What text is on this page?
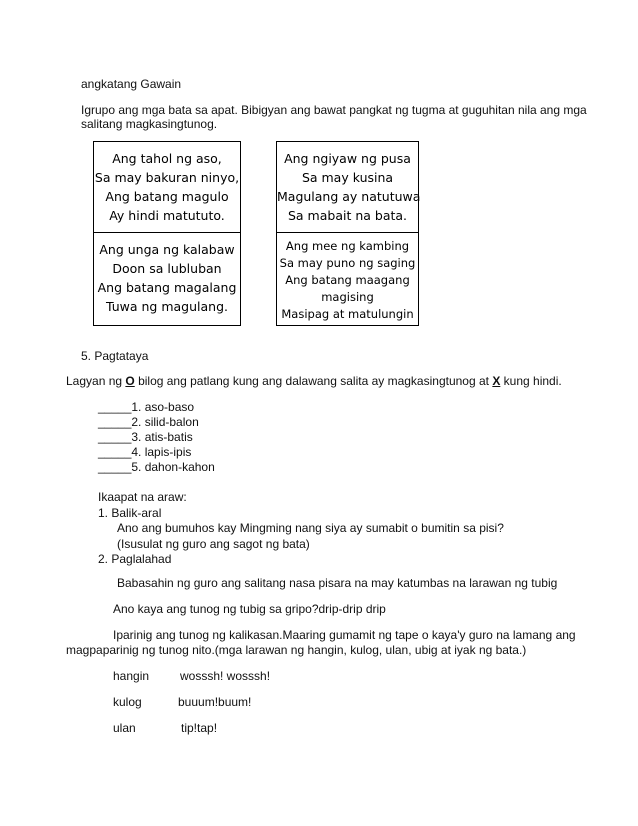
angkatang Gawain
Igrupo ang mga bata sa apat. Bibigyan ang bawat pangkat ng tugma at guguhitan nila ang mga
salitang magkasingtunog.
Ang tahol ng aso,
Sa may bakuran ninyo,
Ang batang magulo
Ay hindi matututo.
Ang unga ng kalabaw
Doon sa lubluban
Ang batang magalang
Tuwa ng magulang.
Ang ngiyaw ng pusa
Sa may kusina
Magulang ay natutuwa
Sa mabait na bata.
Ang mee ng kambing
Sa may puno ng saging
Ang batang maagang
magising
Masipag at matulungin
5. Pagtataya
Lagyan ng O bilog ang patlang kung ang dalawang salita ay magkasingtunog at X kung hindi.
_____1. aso-baso
_____2. silid-balon
_____3. atis-batis
_____4. lapis-ipis
_____5. dahon-kahon
Ikaapat na araw:
1. Balik-aral
Ano ang bumuhos kay Mingming nang siya ay sumabit o bumitin sa pisi?
(Isusulat ng guro ang sagot ng bata)
2. Paglalahad
Babasahin ng guro ang salitang nasa pisara na may katumbas na larawan ng tubig
Ano kaya ang tunog ng tubig sa gripo?drip-drip drip
Iparinig ang tunog ng kalikasan.Maaring gumamit ng tape o kaya'y guro na lamang ang
magpaparinig ng tunog nito.(mga larawan ng hangin, kulog, ulan, ubig at iyak ng bata.)
hangin	wosssh! wosssh!
kulog	buuum!buum!
ulan	tip!tap!
